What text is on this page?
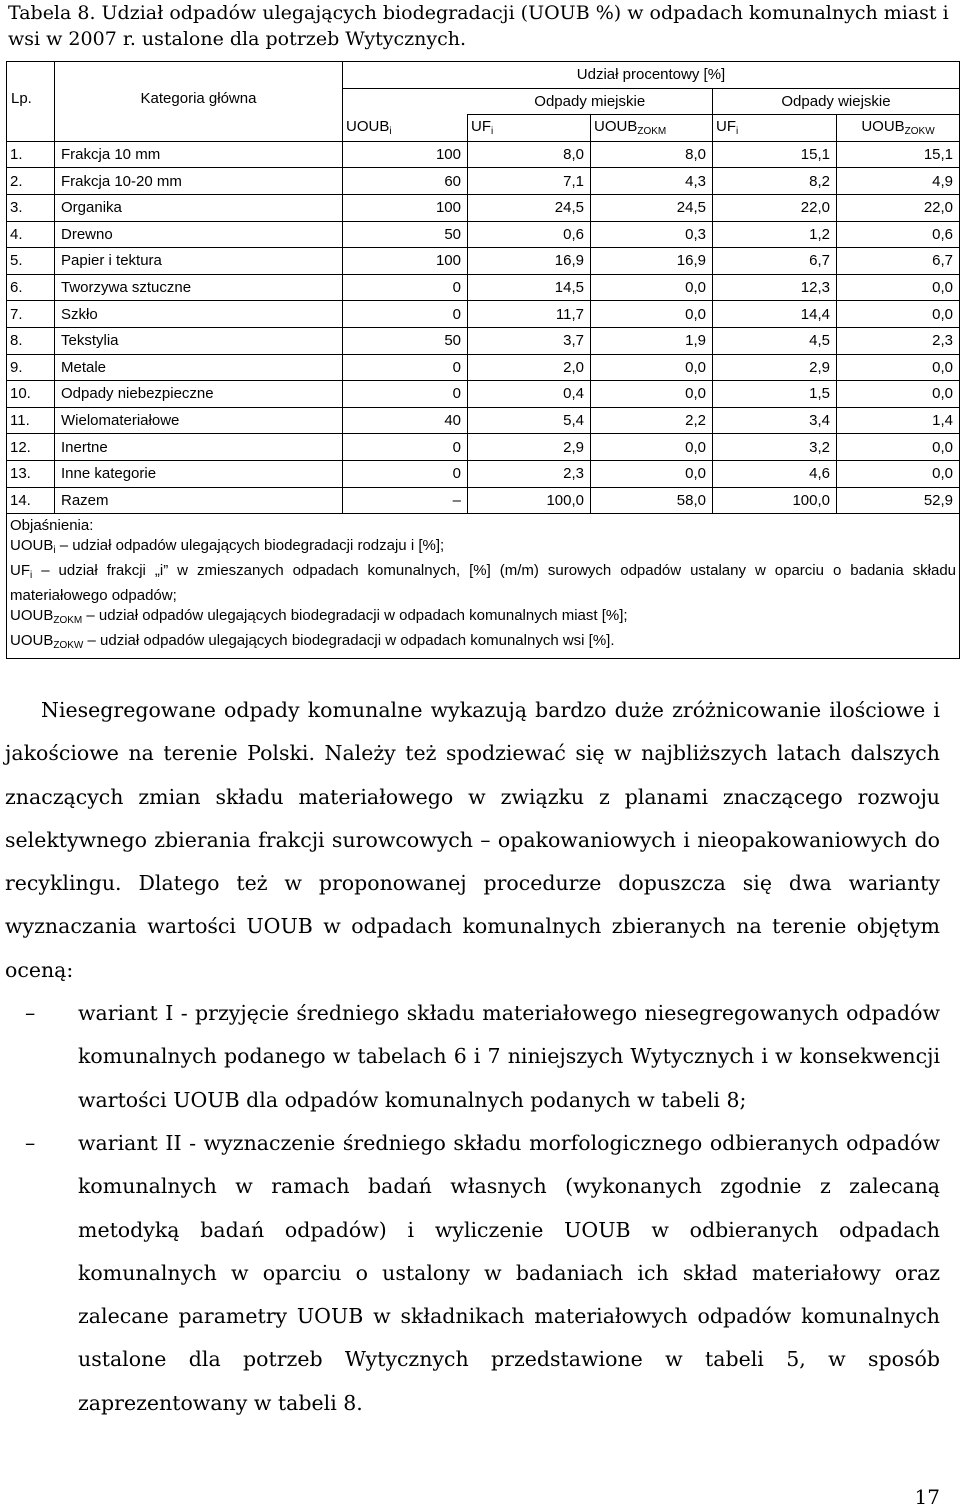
Tabela 8. Udział odpadów ulegających biodegradacji (UOUB %) w odpadach komunalnych miast i wsi w 2007 r. ustalone dla potrzeb Wytycznych.
Lp.	Kategoria główna	Udział procentowy [%]				
			Odpady miejskie		Odpady wiejskie	
		$UOUB_i$	$UF_i$	$UOUB_{ZOKM}$	$UF_i$	$UOUB_{ZOKW}$
1.	Frakcja 10 mm	100	8,0	8,0	15,1	15,1
2.	Frakcja 10-20 mm	60	7,1	4,3	8,2	4,9
3.	Organika	100	24,5	24,5	22,0	22,0
4.	Drewno	50	0,6	0,3	1,2	0,6
5.	Papier i tektura	100	16,9	16,9	6,7	6,7
6.	Tworzywa sztuczne	0	14,5	0,0	12,3	0,0
7.	Szkło	0	11,7	0,0	14,4	0,0
8.	Tekstylia	50	3,7	1,9	4,5	2,3
9.	Metale	0	2,0	0,0	2,9	0,0
10.	Odpady niebezpieczne	0	0,4	0,0	1,5	0,0
11.	Wielomateriałowe	40	5,4	2,2	3,4	1,4
12.	Inertne	0	2,9	0,0	3,2	0,0
13.	Inne kategorie	0	2,3	0,0	4,6	0,0
14.	Razem	–	100,0	58,0	100,0	52,9

Objaśnienia:
$UOUB_i$ – udział odpadów ulegających biodegradacji rodzaju i [%];
$UF_i$ – udział frakcji „i” w zmieszanych odpadach komunalnych, [%] (m/m) surowych odpadów ustalany w oparciu o badania składu materiałowego odpadów;
$UOUB_{ZOKM}$ – udział odpadów ulegających biodegradacji w odpadach komunalnych miast [%];
$UOUB_{ZOKW}$ – udział odpadów ulegających biodegradacji w odpadach komunalnych wsi [%].						

Niesegregowane odpady komunalne wykazują bardzo duże zróżnicowanie ilościowe i jakościowe na terenie Polski. Należy też spodziewać się w najbliższych latach dalszych znaczących zmian składu materiałowego w związku z planami znaczącego rozwoju selektywnego zbierania frakcji surowcowych – opakowaniowych i nieopakowaniowych do recyklingu. Dlatego też w proponowanej procedurze dopuszcza się dwa warianty wyznaczania wartości UOUB w odpadach komunalnych zbieranych na terenie objętym oceną:

– wariant I - przyjęcie średniego składu materiałowego niesegregowanych odpadów komunalnych podanego w tabelach 6 i 7 niniejszych Wytycznych i w konsekwencji wartości UOUB dla odpadów komunalnych podanych w tabeli 8;
– wariant II - wyznaczenie średniego składu morfologicznego odbieranych odpadów komunalnych w ramach badań własnych (wykonanych zgodnie z zalecaną metodyką badań odpadów) i wyliczenie UOUB w odbieranych odpadach komunalnych w oparciu o ustalony w badaniach ich skład materiałowy oraz zalecane parametry UOUB w składnikach materiałowych odpadów komunalnych ustalone dla potrzeb Wytycznych przedstawione w tabeli 5, w sposób zaprezentowany w tabeli 8.
17
